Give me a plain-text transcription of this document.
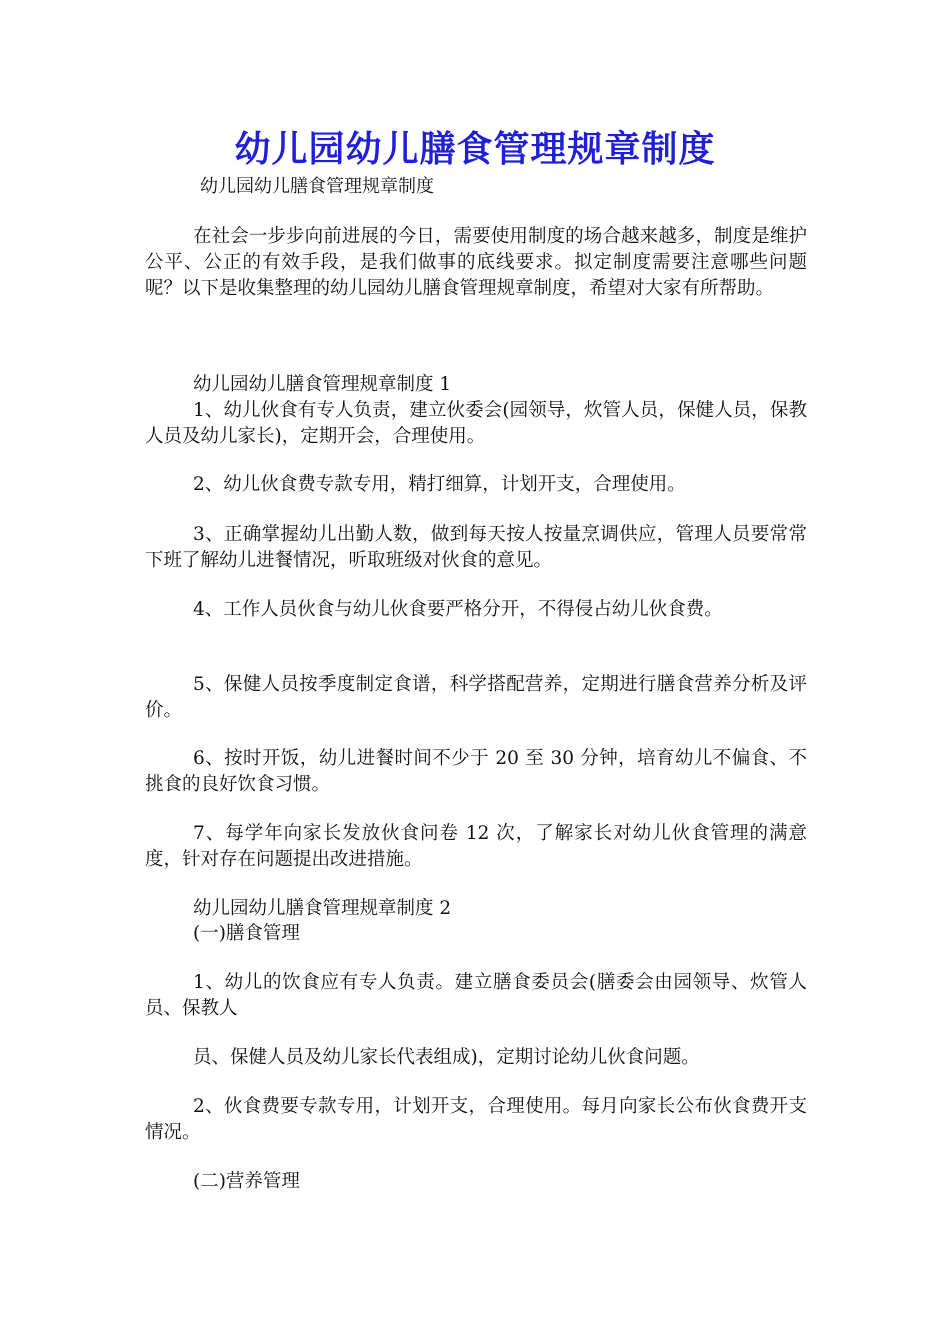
幼儿园幼儿膳食管理规章制度
幼儿园幼儿膳食管理规章制度
在社会一步步向前进展的今日，需要使用制度的场合越来越多，制度是维护公平、公正的有效手段，是我们做事的底线要求。拟定制度需要注意哪些问题呢？以下是收集整理的幼儿园幼儿膳食管理规章制度，希望对大家有所帮助。
幼儿园幼儿膳食管理规章制度 1
1、幼儿伙食有专人负责，建立伙委会(园领导，炊管人员，保健人员，保教人员及幼儿家长)，定期开会，合理使用。
2、幼儿伙食费专款专用，精打细算，计划开支，合理使用。
3、正确掌握幼儿出勤人数，做到每天按人按量烹调供应，管理人员要常常下班了解幼儿进餐情况，听取班级对伙食的意见。
4、工作人员伙食与幼儿伙食要严格分开，不得侵占幼儿伙食费。
5、保健人员按季度制定食谱，科学搭配营养，定期进行膳食营养分析及评价。
6、按时开饭，幼儿进餐时间不少于 20 至 30 分钟，培育幼儿不偏食、不挑食的良好饮食习惯。
7、每学年向家长发放伙食问卷 12 次，了解家长对幼儿伙食管理的满意度，针对存在问题提出改进措施。
幼儿园幼儿膳食管理规章制度 2
(一)膳食管理
1、幼儿的饮食应有专人负责。建立膳食委员会(膳委会由园领导、炊管人员、保教人
员、保健人员及幼儿家长代表组成)，定期讨论幼儿伙食问题。
2、伙食费要专款专用，计划开支，合理使用。每月向家长公布伙食费开支情况。
(二)营养管理
